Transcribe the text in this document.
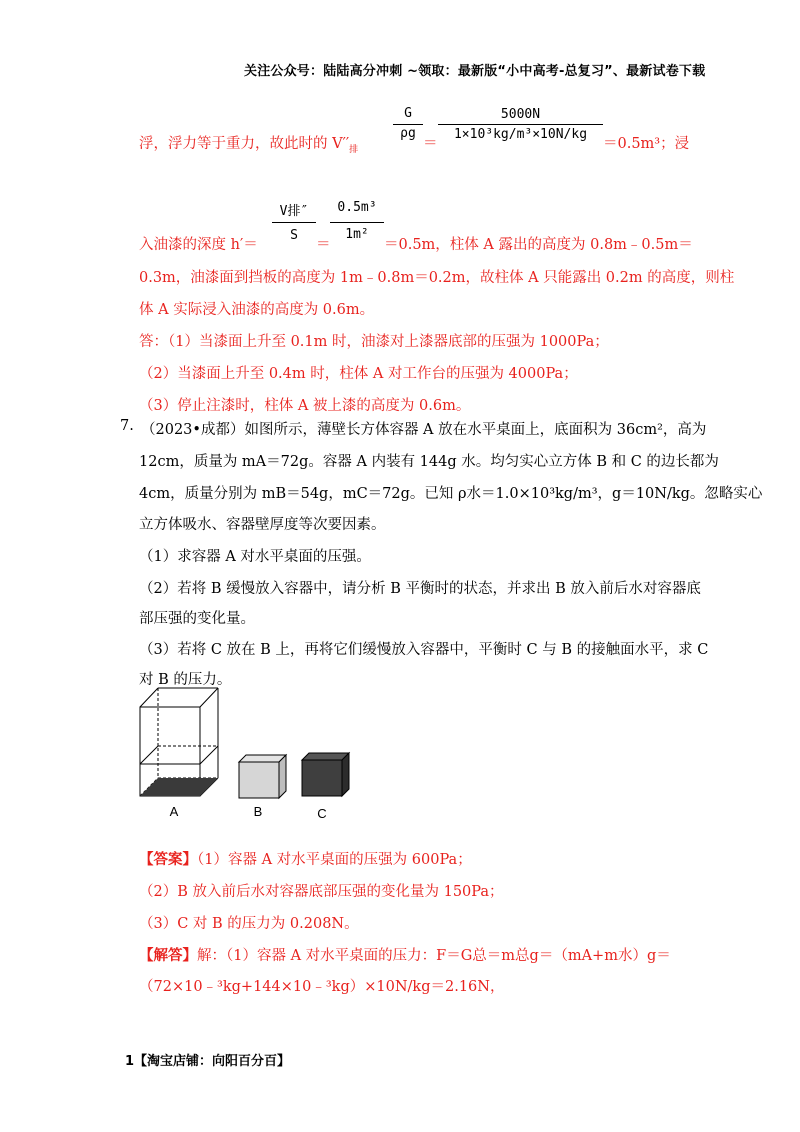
关注公众号：陆陆高分冲刺 ~领取：最新版“小中高考-总复习”、最新试卷下载
G
ρg
5000N
1×10³kg/m³×10N/kg
浮，浮力等于重力，故此时的 $V''_排$	＝	＝0.5m³；浸
V排″
S
0.5m³
1m²
入油漆的深度 h′＝	＝	＝0.5m，柱体 A 露出的高度为 0.8m﹣0.5m＝
0.3m，油漆面到挡板的高度为 1m﹣0.8m＝0.2m，故柱体 A 只能露出 0.2m 的高度，则柱
体 A 实际浸入油漆的高度为 0.6m。
答：（1）当漆面上升至 0.1m 时，油漆对上漆器底部的压强为 1000Pa；
（2）当漆面上升至 0.4m 时，柱体 A 对工作台的压强为 4000Pa；
（3）停止注漆时，柱体 A 被上漆的高度为 0.6m。
7. （2023•成都）如图所示，薄壁长方体容器 A 放在水平桌面上，底面积为 36cm²，高为
12cm，质量为 mA＝72g。容器 A 内装有 144g 水。均匀实心立方体 B 和 C 的边长都为
4cm，质量分别为 mB＝54g，mC＝72g。已知 ρ水＝1.0×10³kg/m³，g＝10N/kg。忽略实心
立方体吸水、容器壁厚度等次要因素。
（1）求容器 A 对水平桌面的压强。
（2）若将 B 缓慢放入容器中，请分析 B 平衡时的状态，并求出 B 放入前后水对容器底
部压强的变化量。
（3）若将 C 放在 B 上，再将它们缓慢放入容器中，平衡时 C 与 B 的接触面水平，求 C
对 B 的压力。
A	B	C
【答案】（1）容器 A 对水平桌面的压强为 600Pa；
（2）B 放入前后水对容器底部压强的变化量为 150Pa；
（3）C 对 B 的压力为 0.208N。
【解答】解：（1）容器 A 对水平桌面的压力：F＝G总＝m总g＝（mA+m水）g＝
（72×10﹣³kg+144×10﹣³kg）×10N/kg＝2.16N，
1【淘宝店铺：向阳百分百】
